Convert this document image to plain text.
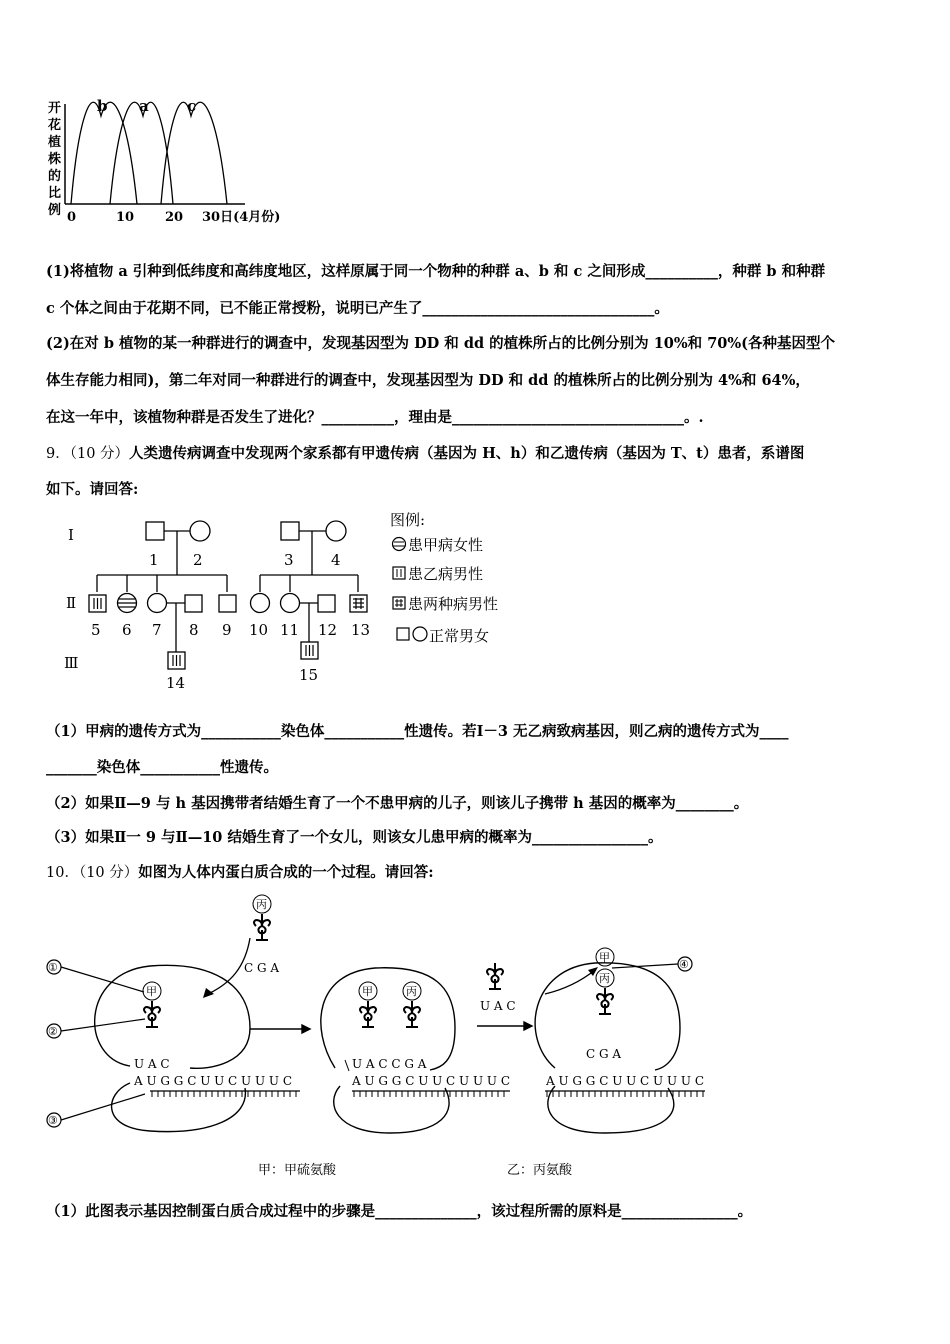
开
花
植
株
的
比
例
b a	c
0	10 20 30日(4月份)
(1)将植物 a 引种到低纬度和高纬度地区，这样原属于同一个物种的种群 a、b 和 c 之间形成__________，种群 b 和种群
c 个体之间由于花期不同，已不能正常授粉，说明已产生了________________________________。
(2)在对 b 植物的某一种群进行的调查中，发现基因型为 DD 和 dd 的植株所占的比例分别为 10%和 70%(各种基因型个
体生存能力相同)，第二年对同一种群进行的调查中，发现基因型为 DD 和 dd 的植株所占的比例分别为 4%和 64%，
在这一年中，该植物种群是否发生了进化？__________，理由是________________________________。.
9．（10 分）人类遗传病调查中发现两个家系都有甲遗传病（基因为 H、h）和乙遗传病（基因为 T、t）患者，系谱图
如下。请回答:
Ⅰ
Ⅱ
Ⅲ
1 2	3 4
5 6 7 8 9 10 11 12 13
14	15
图例:
患甲病女性
患乙病男性
患两种病男性
正常男女
（1）甲病的遗传方式为___________染色体___________性遗传。若Ⅰ－3 无乙病致病基因，则乙病的遗传方式为____
_______染色体___________性遗传。
（2）如果Ⅱ—9 与 h 基因携带者结婚生育了一个不患甲病的儿子，则该儿子携带 h 基因的概率为________。
（3）如果Ⅱ一 9 与Ⅱ—10 结婚生育了一个女儿，则该女儿患甲病的概率为________________。
10．（10 分）如图为人体内蛋白质合成的一个过程。请回答:
丙
甲	甲	丙
甲
丙
C G A
U A C
A U G G C U U C U U U C
U A C C G A
A U G G C U U C U U U C
U A C
C G A
A U G G C U U C U U U C
①
②
③
④
甲：甲硫氨酸	乙：丙氨酸
（1）此图表示基因控制蛋白质合成过程中的步骤是______________，该过程所需的原料是________________。
